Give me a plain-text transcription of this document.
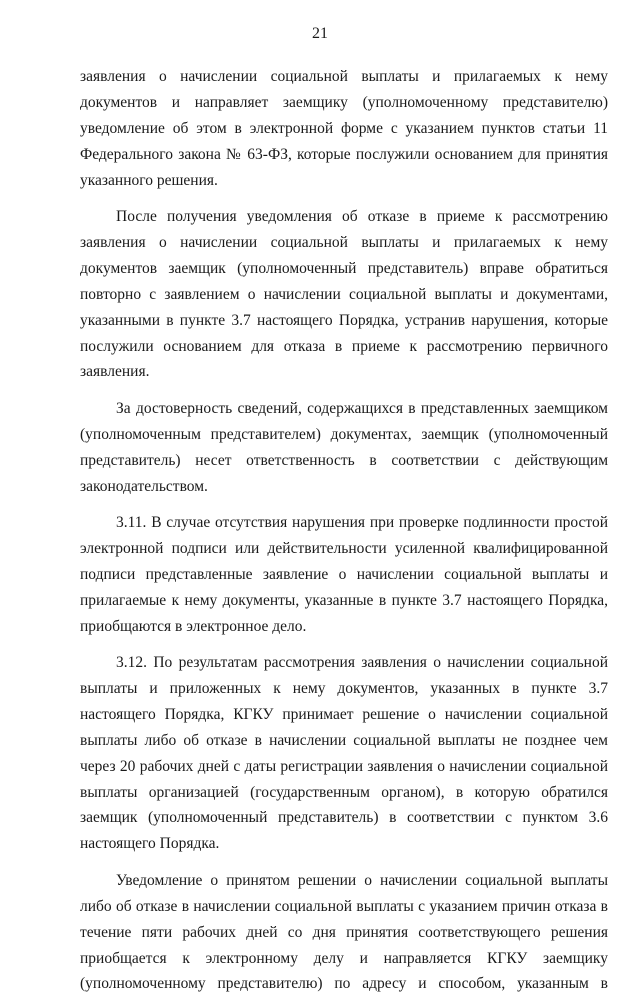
21

заявления о начислении социальной выплаты и прилагаемых к нему документов и направляет заемщику (уполномоченному представителю) уведомление об этом в электронной форме с указанием пунктов статьи 11 Федерального закона № 63-ФЗ, которые послужили основанием для принятия указанного решения.

После получения уведомления об отказе в приеме к рассмотрению заявления о начислении социальной выплаты и прилагаемых к нему документов заемщик (уполномоченный представитель) вправе обратиться повторно с заявлением о начислении социальной выплаты и документами, указанными в пункте 3.7 настоящего Порядка, устранив нарушения, которые послужили основанием для отказа в приеме к рассмотрению первичного заявления.

За достоверность сведений, содержащихся в представленных заемщиком (уполномоченным представителем) документах, заемщик (уполномоченный представитель) несет ответственность в соответствии с действующим законодательством.

3.11. В случае отсутствия нарушения при проверке подлинности простой электронной подписи или действительности усиленной квалифицированной подписи представленные заявление о начислении социальной выплаты и прилагаемые к нему документы, указанные в пункте 3.7 настоящего Порядка, приобщаются в электронное дело.

3.12. По результатам рассмотрения заявления о начислении социальной выплаты и приложенных к нему документов, указанных в пункте 3.7 настоящего Порядка, КГКУ принимает решение о начислении социальной выплаты либо об отказе в начислении социальной выплаты не позднее чем через 20 рабочих дней с даты регистрации заявления о начислении социальной выплаты организацией (государственным органом), в которую обратился заемщик (уполномоченный представитель) в соответствии с пунктом 3.6 настоящего Порядка.

Уведомление о принятом решении о начислении социальной выплаты либо об отказе в начислении социальной выплаты с указанием причин отказа в течение пяти рабочих дней со дня принятия соответствующего решения приобщается к электронному делу и направляется КГКУ заемщику (уполномоченному представителю) по адресу и способом, указанным в
